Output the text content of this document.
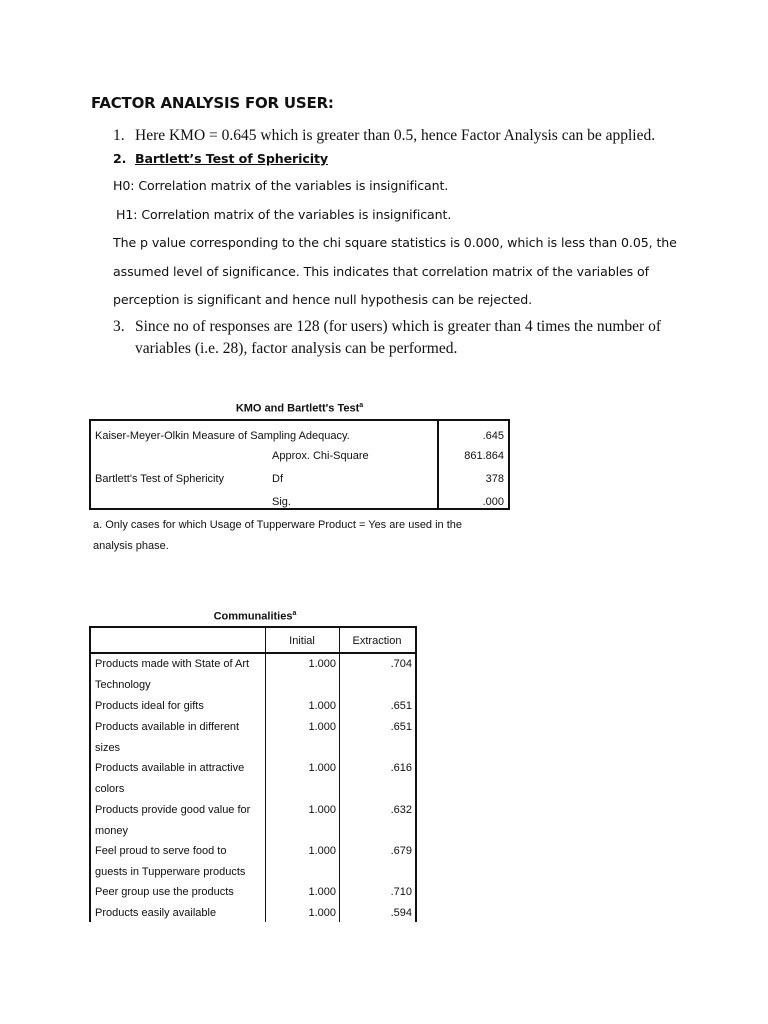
FACTOR ANALYSIS FOR USER:
1. Here KMO = 0.645 which is greater than 0.5, hence Factor Analysis can be applied.
2. Bartlett’s Test of Sphericity
H0: Correlation matrix of the variables is insignificant.
H1: Correlation matrix of the variables is insignificant.
The p value corresponding to the chi square statistics is 0.000, which is less than 0.05, the
assumed level of significance. This indicates that correlation matrix of the variables of
perception is significant and hence null hypothesis can be rejected.
3. Since no of responses are 128 (for users) which is greater than 4 times the number of
variables (i.e. 28), factor analysis can be performed.
KMO and Bartlett's Test$^a$
Kaiser-Meyer-Olkin Measure of Sampling Adequacy.	.645
Approx. Chi-Square	861.864
Bartlett's Test of Sphericity	Df	378
Sig.	.000
a. Only cases for which Usage of Tupperware Product = Yes are used in the
analysis phase.
Communalities$^a$
Initial	Extraction
Products made with State of Art
Technology
1.000	.704
Products ideal for gifts	1.000	.651
Products available in different
sizes
1.000	.651
Products available in attractive
colors
1.000	.616
Products provide good value for
money
1.000	.632
Feel proud to serve food to
guests in Tupperware products
1.000	.679
Peer group use the products	1.000	.710
Products easily available	1.000	.594
